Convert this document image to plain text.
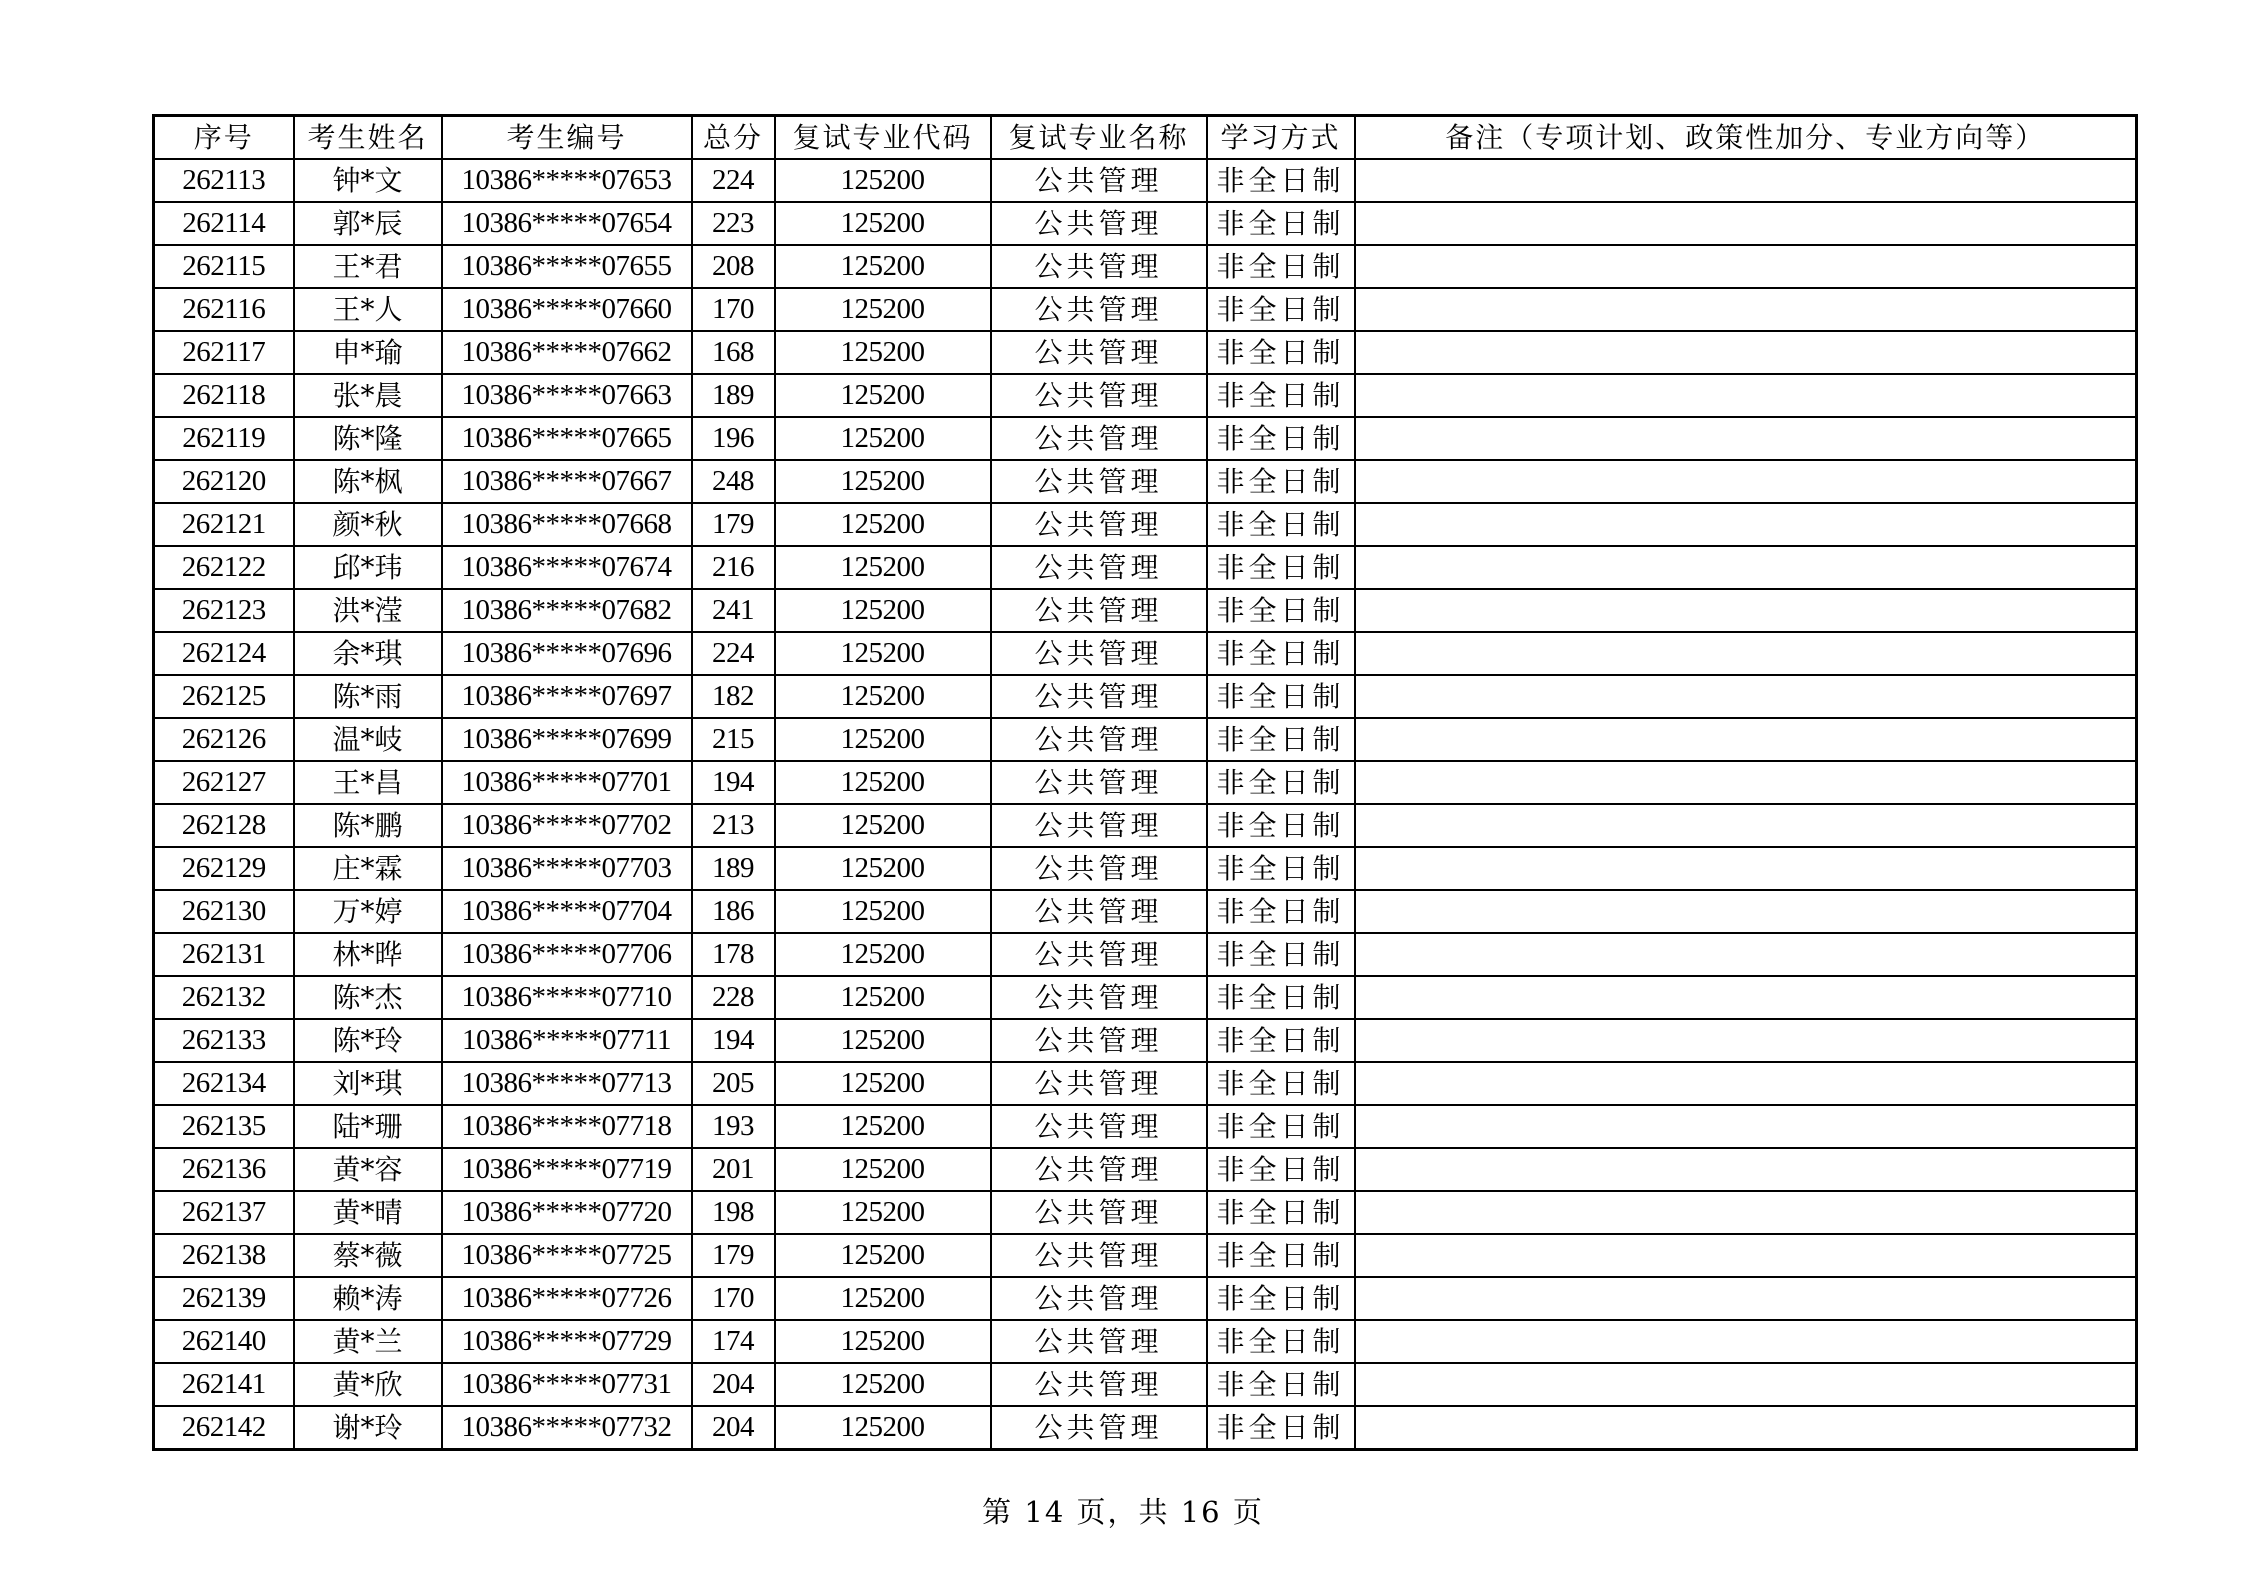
序号	考生姓名	考生编号	总分	复试专业代码	复试专业名称	学习方式	备注（专项计划、政策性加分、专业方向等）
262113	钟*文	10386*****07653	224	125200	公共管理	非全日制	
262114	郭*辰	10386*****07654	223	125200	公共管理	非全日制	
262115	王*君	10386*****07655	208	125200	公共管理	非全日制	
262116	王*人	10386*****07660	170	125200	公共管理	非全日制	
262117	申*瑜	10386*****07662	168	125200	公共管理	非全日制	
262118	张*晨	10386*****07663	189	125200	公共管理	非全日制	
262119	陈*隆	10386*****07665	196	125200	公共管理	非全日制	
262120	陈*枫	10386*****07667	248	125200	公共管理	非全日制	
262121	颜*秋	10386*****07668	179	125200	公共管理	非全日制	
262122	邱*玮	10386*****07674	216	125200	公共管理	非全日制	
262123	洪*滢	10386*****07682	241	125200	公共管理	非全日制	
262124	余*琪	10386*****07696	224	125200	公共管理	非全日制	
262125	陈*雨	10386*****07697	182	125200	公共管理	非全日制	
262126	温*岐	10386*****07699	215	125200	公共管理	非全日制	
262127	王*昌	10386*****07701	194	125200	公共管理	非全日制	
262128	陈*鹏	10386*****07702	213	125200	公共管理	非全日制	
262129	庄*霖	10386*****07703	189	125200	公共管理	非全日制	
262130	万*婷	10386*****07704	186	125200	公共管理	非全日制	
262131	林*晔	10386*****07706	178	125200	公共管理	非全日制	
262132	陈*杰	10386*****07710	228	125200	公共管理	非全日制	
262133	陈*玲	10386*****07711	194	125200	公共管理	非全日制	
262134	刘*琪	10386*****07713	205	125200	公共管理	非全日制	
262135	陆*珊	10386*****07718	193	125200	公共管理	非全日制	
262136	黄*容	10386*****07719	201	125200	公共管理	非全日制	
262137	黄*晴	10386*****07720	198	125200	公共管理	非全日制	
262138	蔡*薇	10386*****07725	179	125200	公共管理	非全日制	
262139	赖*涛	10386*****07726	170	125200	公共管理	非全日制	
262140	黄*兰	10386*****07729	174	125200	公共管理	非全日制	
262141	黄*欣	10386*****07731	204	125200	公共管理	非全日制	
262142	谢*玲	10386*****07732	204	125200	公共管理	非全日制	
第 14 页，共 16 页
